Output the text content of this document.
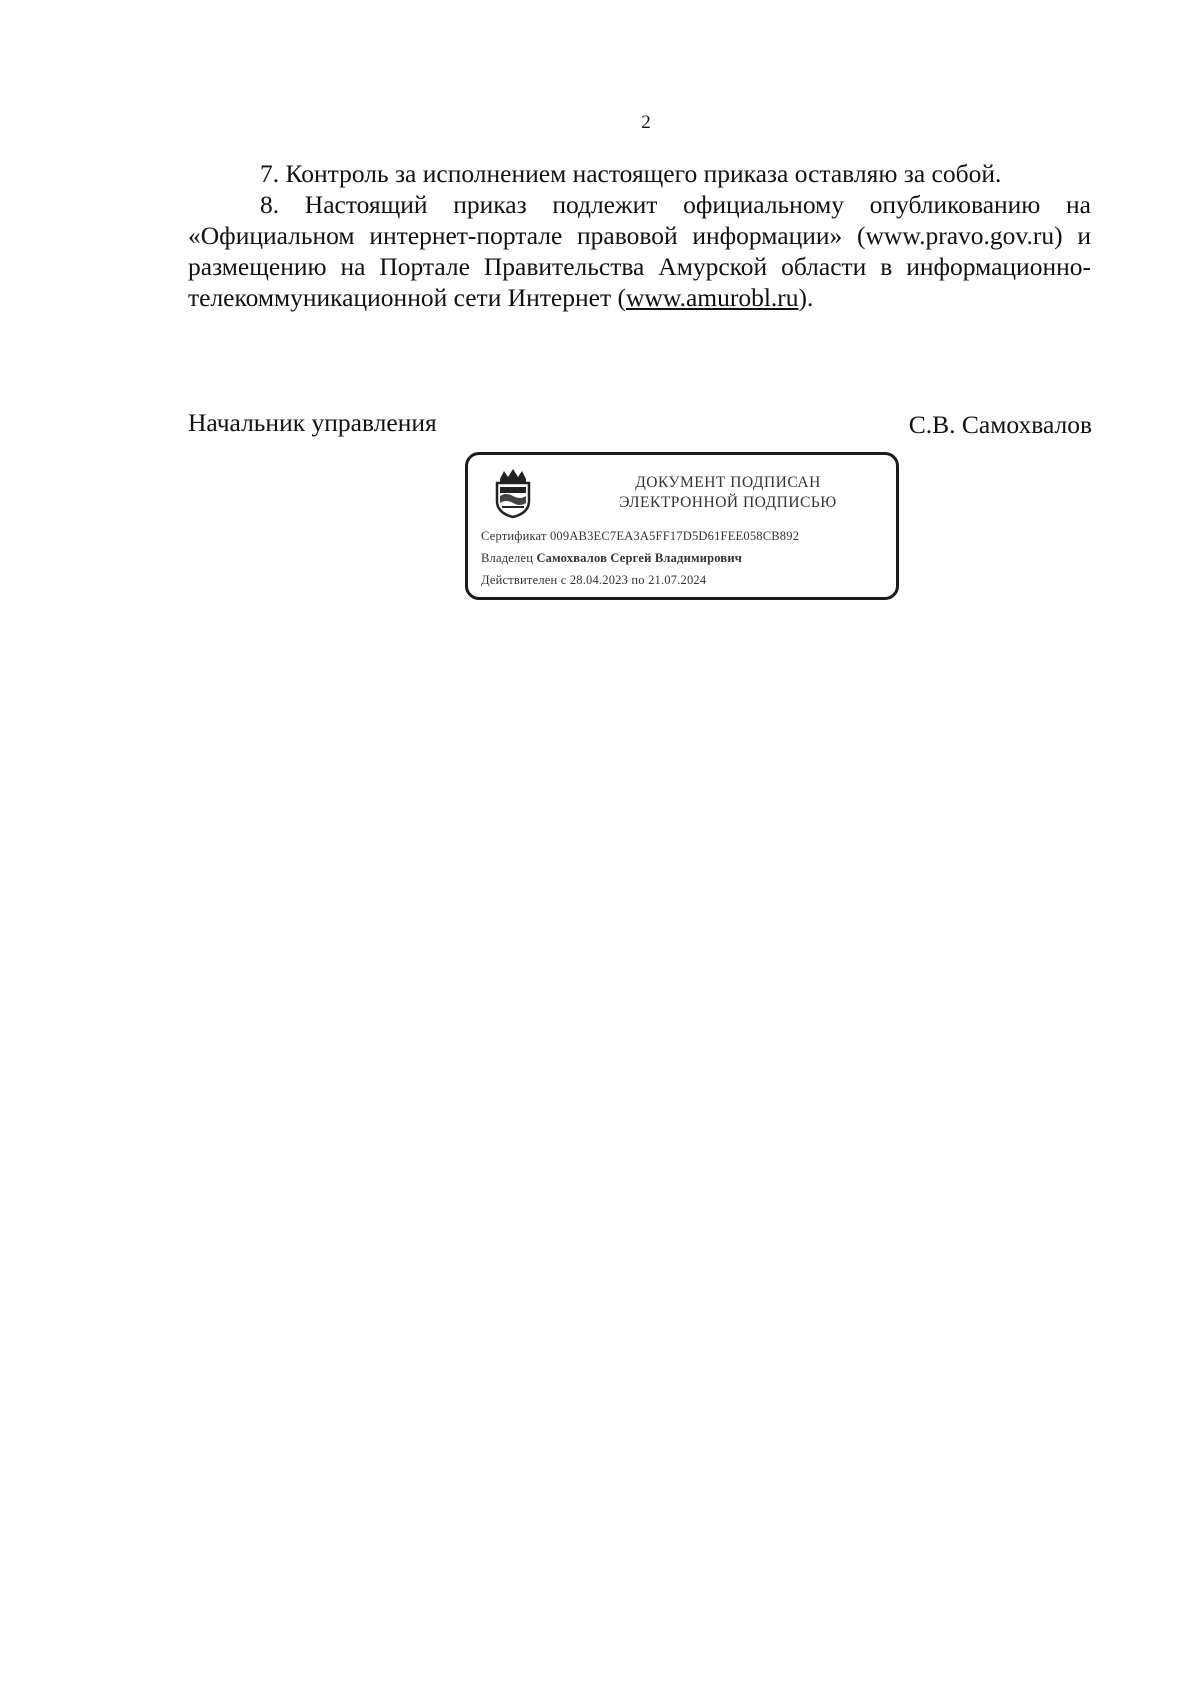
2

7. Контроль за исполнением настоящего приказа оставляю за собой.

8. Настоящий приказ подлежит официальному опубликованию на «Официальном интернет-портале правовой информации» (www.pravo.gov.ru) и размещению на Портале Правительства Амурской области в информационно-телекоммуникационной сети Интернет (www.amurobl.ru).

Начальник управления	С.В. Самохвалов
ДОКУМЕНТ ПОДПИСАН
ЭЛЕКТРОННОЙ ПОДПИСЬЮ
Сертификат 009AB3EC7EA3A5FF17D5D61FEE058CB892
Владелец Самохвалов Сергей Владимирович
Действителен с 28.04.2023 по 21.07.2024
